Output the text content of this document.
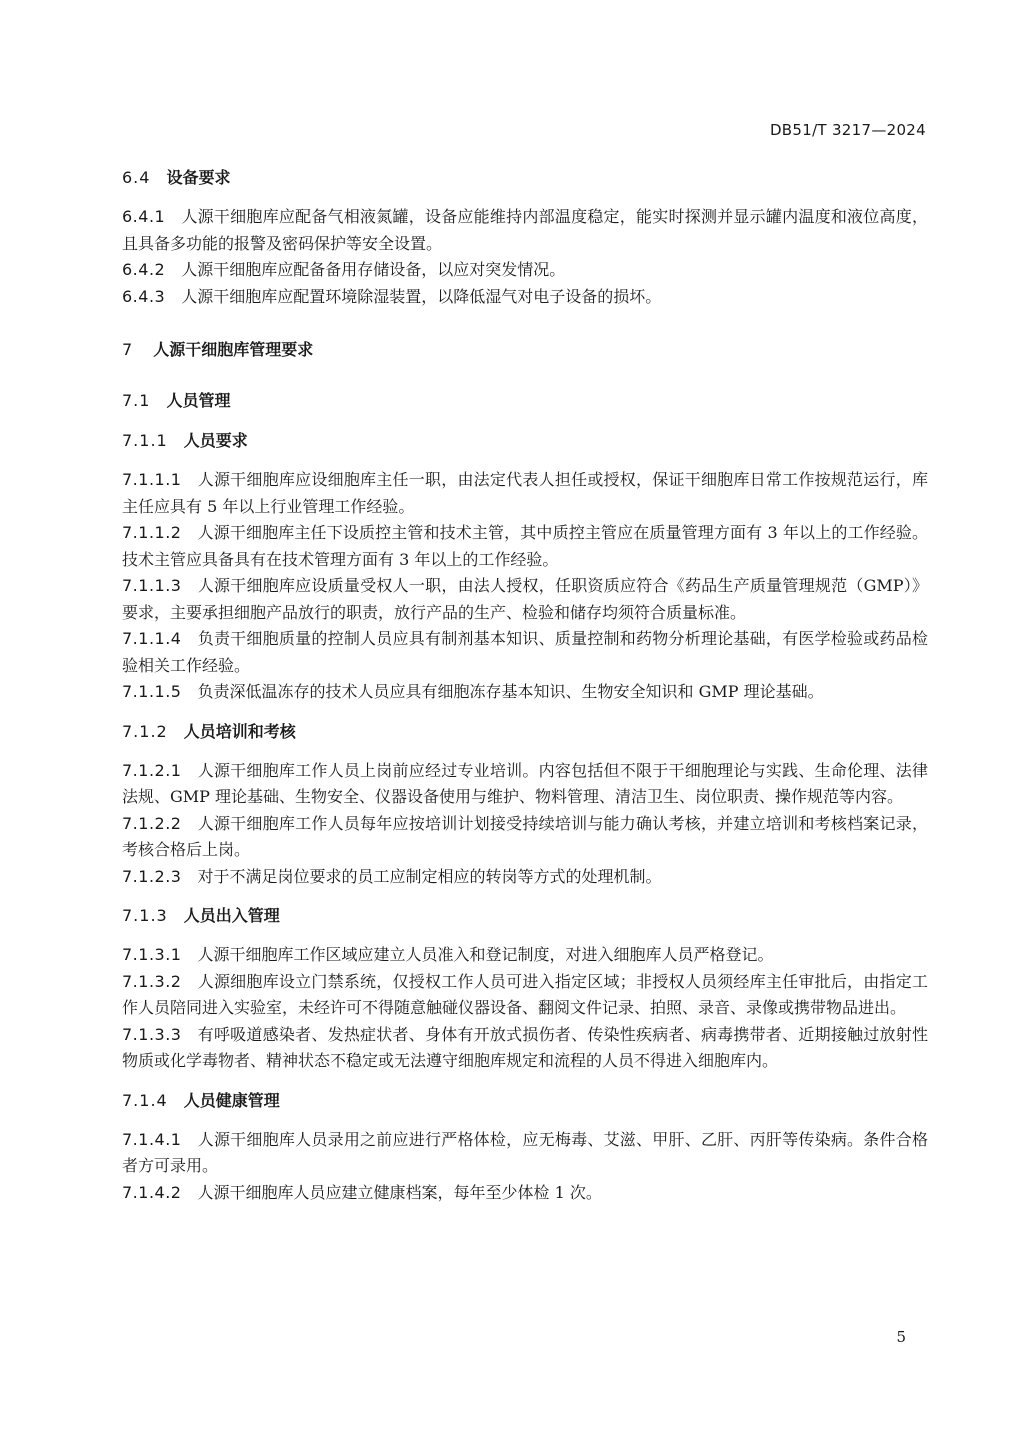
DB51/T 3217—2024
6.4 设备要求

6.4.1 人源干细胞库应配备气相液氮罐，设备应能维持内部温度稳定，能实时探测并显示罐内温度和液位高度，且具备多功能的报警及密码保护等安全设置。

6.4.2 人源干细胞库应配备备用存储设备，以应对突发情况。

6.4.3 人源干细胞库应配置环境除湿装置，以降低湿气对电子设备的损坏。

7 人源干细胞库管理要求
7.1 人员管理
7.1.1 人员要求

7.1.1.1 人源干细胞库应设细胞库主任一职，由法定代表人担任或授权，保证干细胞库日常工作按规范运行，库主任应具有 5 年以上行业管理工作经验。

7.1.1.2 人源干细胞库主任下设质控主管和技术主管，其中质控主管应在质量管理方面有 3 年以上的工作经验。技术主管应具备具有在技术管理方面有 3 年以上的工作经验。

7.1.1.3 人源干细胞库应设质量受权人一职，由法人授权，任职资质应符合《药品生产质量管理规范（GMP）》要求，主要承担细胞产品放行的职责，放行产品的生产、检验和储存均须符合质量标准。

7.1.1.4 负责干细胞质量的控制人员应具有制剂基本知识、质量控制和药物分析理论基础，有医学检验或药品检验相关工作经验。

7.1.1.5 负责深低温冻存的技术人员应具有细胞冻存基本知识、生物安全知识和 GMP 理论基础。

7.1.2 人员培训和考核

7.1.2.1 人源干细胞库工作人员上岗前应经过专业培训。内容包括但不限于干细胞理论与实践、生命伦理、法律法规、GMP 理论基础、生物安全、仪器设备使用与维护、物料管理、清洁卫生、岗位职责、操作规范等内容。

7.1.2.2 人源干细胞库工作人员每年应按培训计划接受持续培训与能力确认考核，并建立培训和考核档案记录，考核合格后上岗。

7.1.2.3 对于不满足岗位要求的员工应制定相应的转岗等方式的处理机制。

7.1.3 人员出入管理

7.1.3.1 人源干细胞库工作区域应建立人员准入和登记制度，对进入细胞库人员严格登记。

7.1.3.2 人源细胞库设立门禁系统，仅授权工作人员可进入指定区域；非授权人员须经库主任审批后，由指定工作人员陪同进入实验室，未经许可不得随意触碰仪器设备、翻阅文件记录、拍照、录音、录像或携带物品进出。

7.1.3.3 有呼吸道感染者、发热症状者、身体有开放式损伤者、传染性疾病者、病毒携带者、近期接触过放射性物质或化学毒物者、精神状态不稳定或无法遵守细胞库规定和流程的人员不得进入细胞库内。

7.1.4 人员健康管理

7.1.4.1 人源干细胞库人员录用之前应进行严格体检，应无梅毒、艾滋、甲肝、乙肝、丙肝等传染病。条件合格者方可录用。

7.1.4.2 人源干细胞库人员应建立健康档案，每年至少体检 1 次。

5
